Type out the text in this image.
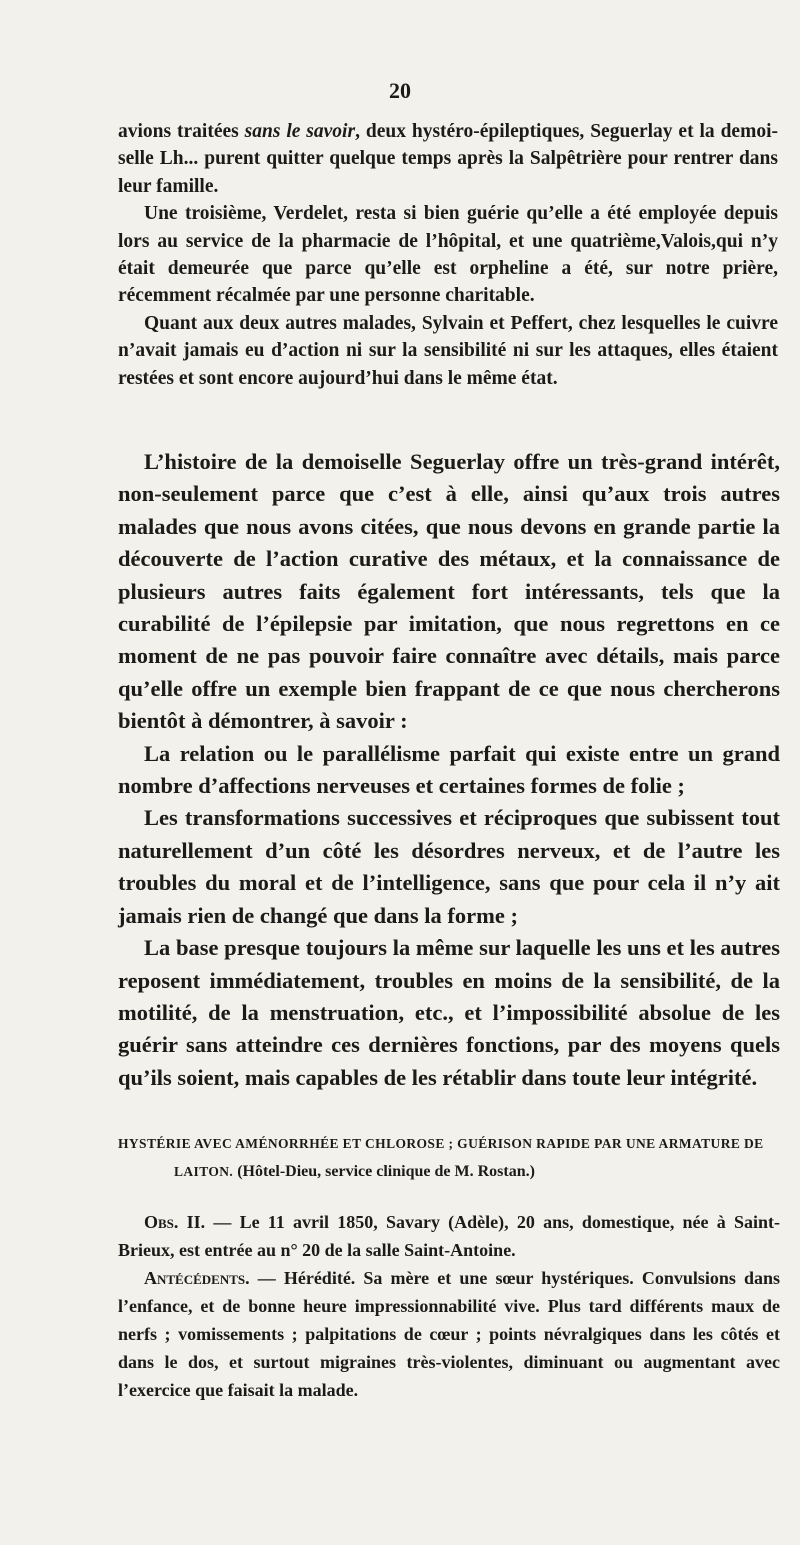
20

avions traitées sans le savoir, deux hystéro-épileptiques, Seguerlay et la demoiselle Lh... purent quitter quelque temps après la Salpêtrière pour rentrer dans leur famille.

Une troisième, Verdelet, resta si bien guérie qu’elle a été employée depuis lors au service de la pharmacie de l’hôpital, et une quatrième,Valois,qui n’y était demeurée que parce qu’elle est orpheline a été, sur notre prière, récemment récalmée par une personne charitable.

Quant aux deux autres malades, Sylvain et Peffert, chez lesquelles le cuivre n’avait jamais eu d’action ni sur la sensibilité ni sur les attaques, elles étaient restées et sont encore aujourd’hui dans le même état.

L’histoire de la demoiselle Seguerlay offre un très-grand intérêt, non-seulement parce que c’est à elle, ainsi qu’aux trois autres malades que nous avons citées, que nous devons en grande partie la découverte de l’action curative des métaux, et la connaissance de plusieurs autres faits également fort intéressants, tels que la curabilité de l’épilepsie par imitation, que nous regrettons en ce moment de ne pas pouvoir faire connaître avec détails, mais parce qu’elle offre un exemple bien frappant de ce que nous chercherons bientôt à démontrer, à savoir :

La relation ou le parallélisme parfait qui existe entre un grand nombre d’affections nerveuses et certaines formes de folie ;

Les transformations successives et réciproques que subissent tout naturellement d’un côté les désordres nerveux, et de l’autre les troubles du moral et de l’intelligence, sans que pour cela il n’y ait jamais rien de changé que dans la forme ;

La base presque toujours la même sur laquelle les uns et les autres reposent immédiatement, troubles en moins de la sensibilité, de la motilité, de la menstruation, etc., et l’impossibilité absolue de les guérir sans atteindre ces dernières fonctions, par des moyens quels qu’ils soient, mais capables de les rétablir dans toute leur intégrité.

HYSTÉRIE AVEC AMÉNORRHÉE ET CHLOROSE ; GUÉRISON RAPIDE PAR UNE ARMATURE DE
LAITON. (Hôtel-Dieu, service clinique de M. Rostan.)

Obs. II. — Le 11 avril 1850, Savary (Adèle), 20 ans, domestique, née à Saint-Brieux, est entrée au n° 20 de la salle Saint-Antoine.

Antécédents. — Hérédité. Sa mère et une sœur hystériques. Convulsions dans l’enfance, et de bonne heure impressionnabilité vive. Plus tard différents maux de nerfs ; vomissements ; palpitations de cœur ; points névralgiques dans les côtés et dans le dos, et surtout migraines très-violentes, diminuant ou augmentant avec l’exercice que faisait la malade.
